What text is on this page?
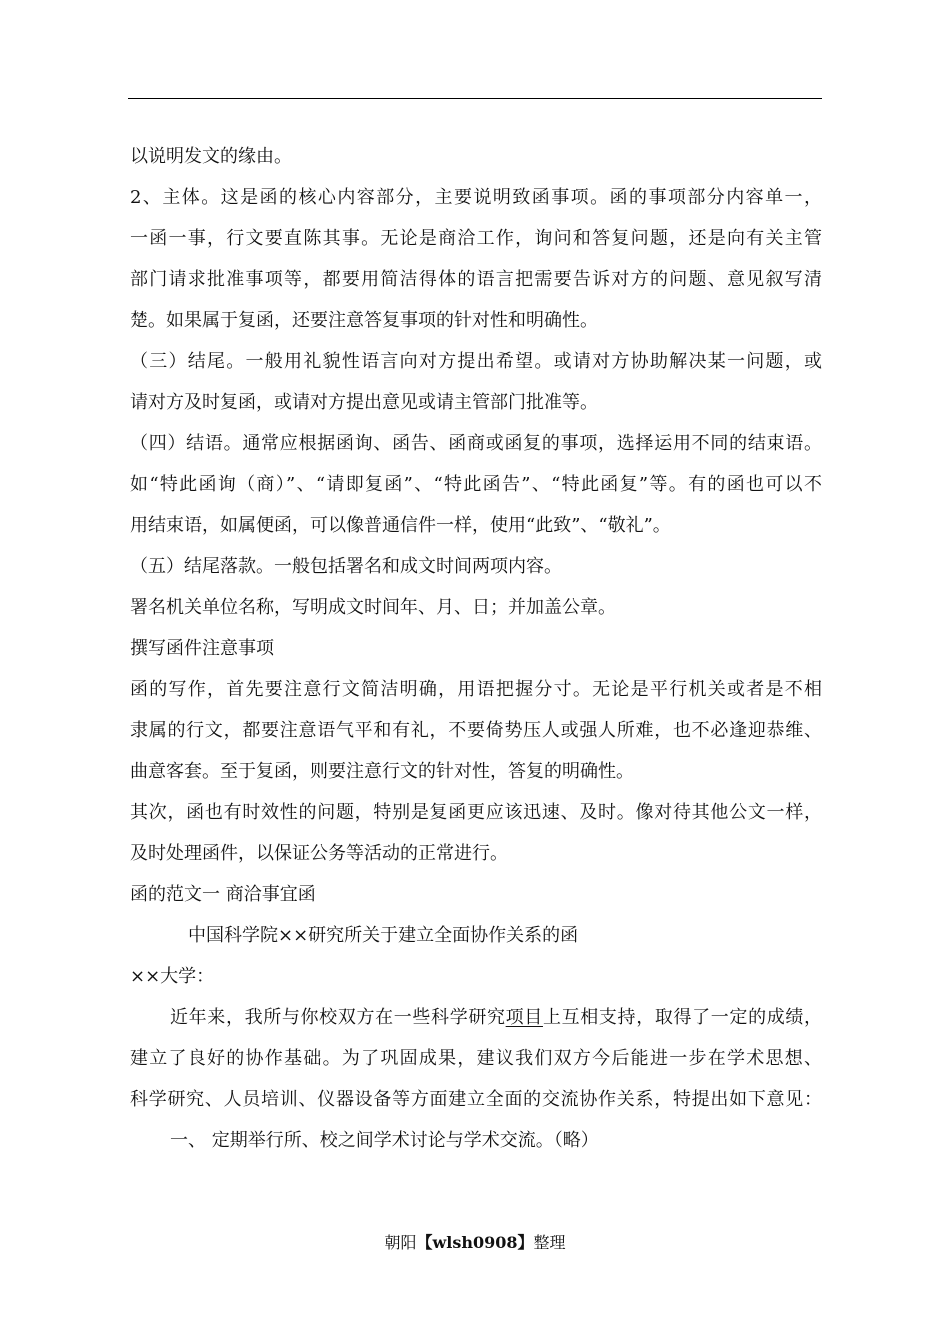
以说明发文的缘由。
2、主体。这是函的核心内容部分，主要说明致函事项。函的事项部分内容单一，
一函一事，行文要直陈其事。无论是商洽工作，询问和答复问题，还是向有关主管
部门请求批准事项等，都要用简洁得体的语言把需要告诉对方的问题、意见叙写清
楚。如果属于复函，还要注意答复事项的针对性和明确性。
（三）结尾。一般用礼貌性语言向对方提出希望。或请对方协助解决某一问题，或
请对方及时复函，或请对方提出意见或请主管部门批准等。
（四）结语。通常应根据函询、函告、函商或函复的事项，选择运用不同的结束语。
如“特此函询（商）”、“请即复函”、“特此函告”、“特此函复”等。有的函也可以不
用结束语，如属便函，可以像普通信件一样，使用“此致”、“敬礼”。
（五）结尾落款。一般包括署名和成文时间两项内容。
署名机关单位名称，写明成文时间年、月、日；并加盖公章。
撰写函件注意事项
函的写作，首先要注意行文简洁明确，用语把握分寸。无论是平行机关或者是不相
隶属的行文，都要注意语气平和有礼，不要倚势压人或强人所难，也不必逢迎恭维、
曲意客套。至于复函，则要注意行文的针对性，答复的明确性。
其次，函也有时效性的问题，特别是复函更应该迅速、及时。像对待其他公文一样，
及时处理函件，以保证公务等活动的正常进行。
函的范文一 商洽事宜函
中国科学院××研究所关于建立全面协作关系的函
××大学：
近年来，我所与你校双方在一些科学研究项目上互相支持，取得了一定的成绩，
建立了良好的协作基础。为了巩固成果，建议我们双方今后能进一步在学术思想、
科学研究、人员培训、仪器设备等方面建立全面的交流协作关系，特提出如下意见：
一、 定期举行所、校之间学术讨论与学术交流。（略）
朝阳【wlsh0908】整理
